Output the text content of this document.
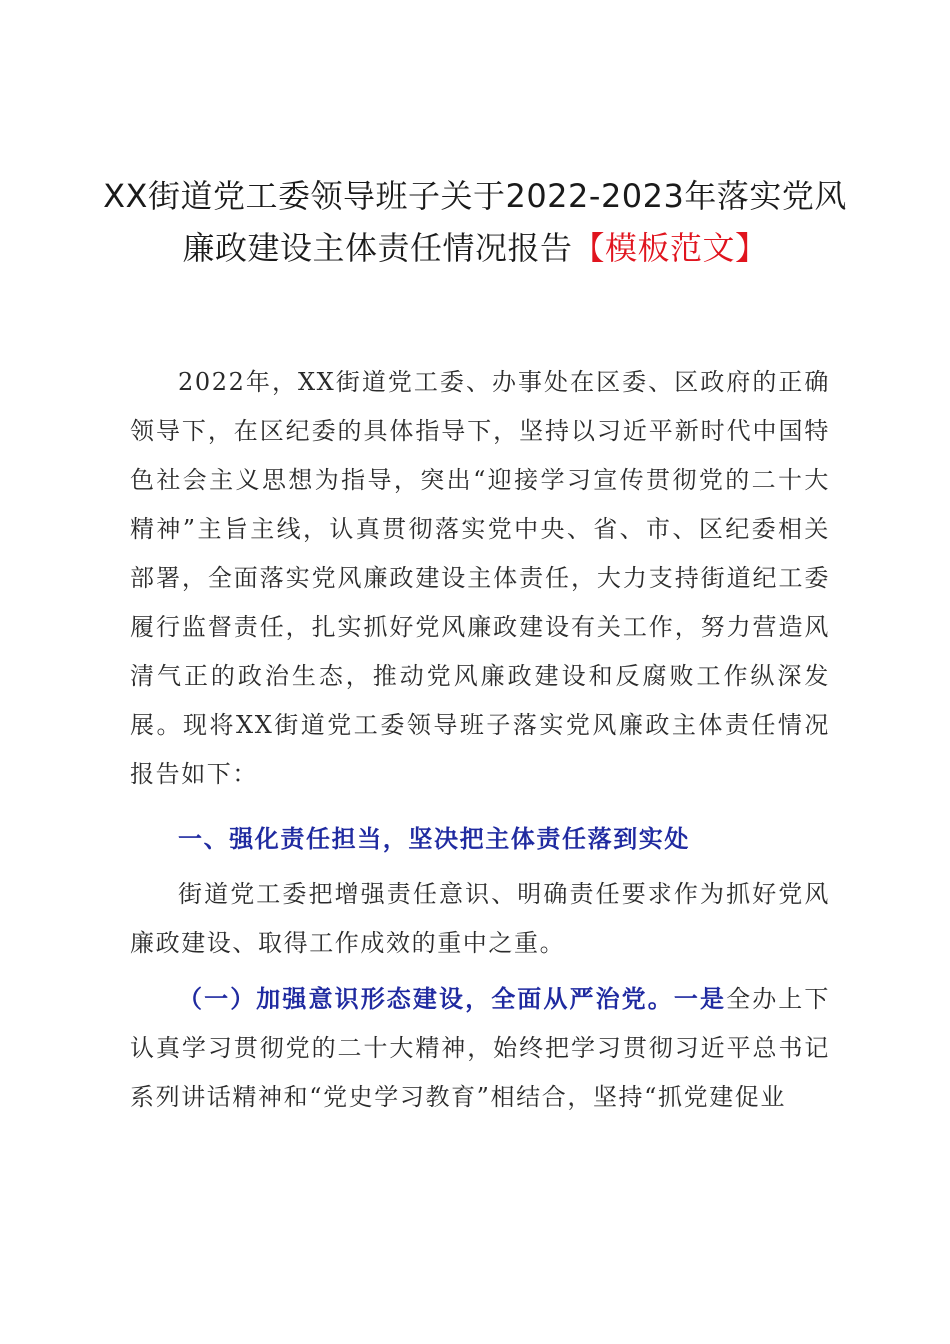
XX街道党工委领导班子关于2022-2023年落实党风
廉政建设主体责任情况报告【模板范文】

2022年，XX街道党工委、办事处在区委、区政府的正确领导下，在区纪委的具体指导下，坚持以习近平新时代中国特色社会主义思想为指导，突出“迎接学习宣传贯彻党的二十大精神”主旨主线，认真贯彻落实党中央、省、市、区纪委相关部署，全面落实党风廉政建设主体责任，大力支持街道纪工委履行监督责任，扎实抓好党风廉政建设有关工作，努力营造风清气正的政治生态，推动党风廉政建设和反腐败工作纵深发展。现将XX街道党工委领导班子落实党风廉政主体责任情况报告如下：

一、强化责任担当，坚决把主体责任落到实处

街道党工委把增强责任意识、明确责任要求作为抓好党风廉政建设、取得工作成效的重中之重。

（一）加强意识形态建设，全面从严治党。一是全办上下认真学习贯彻党的二十大精神，始终把学习贯彻习近平总书记系列讲话精神和“党史学习教育”相结合，坚持“抓党建促业
